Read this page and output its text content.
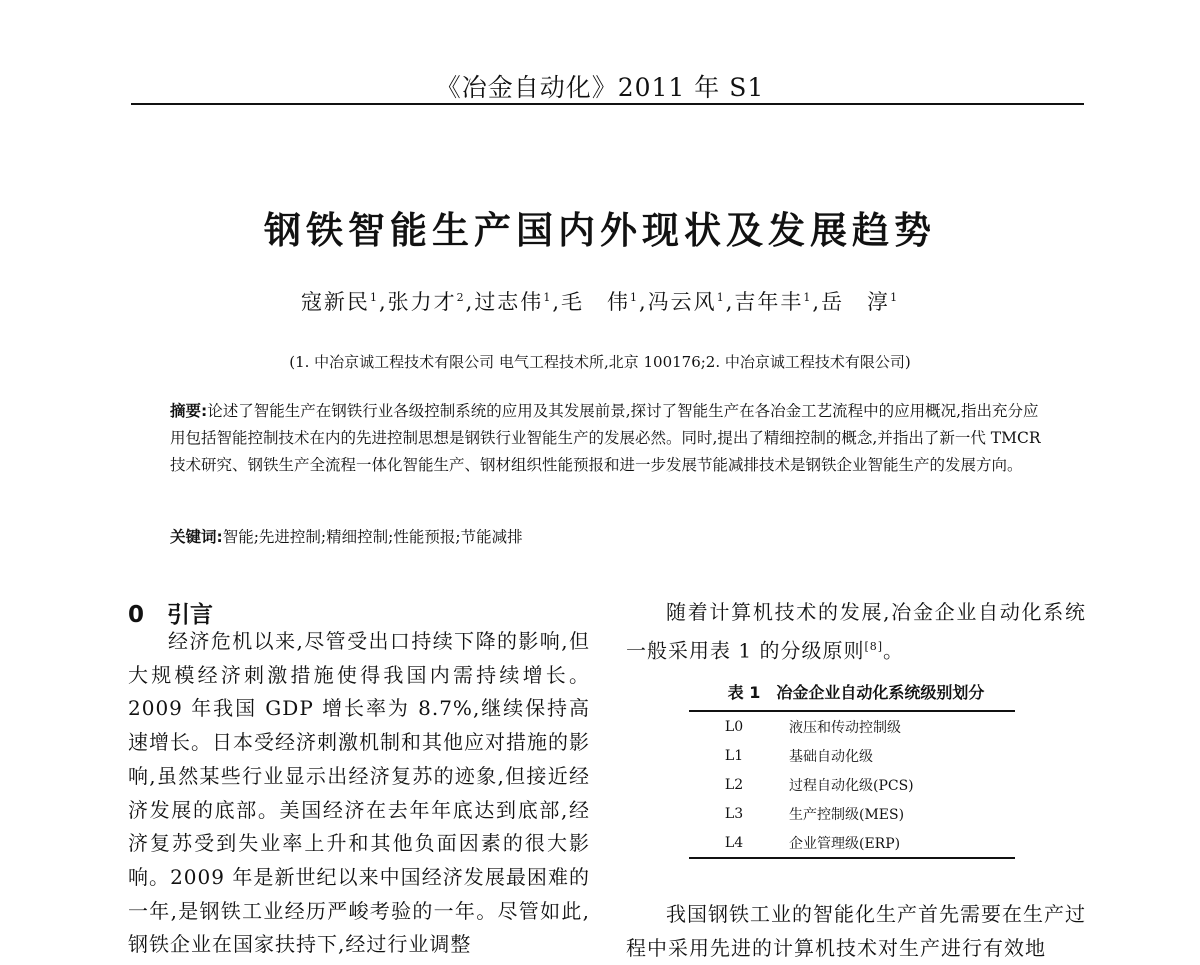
《冶金自动化》2011 年 S1
钢铁智能生产国内外现状及发展趋势
寇新民$^1$,张力才$^2$,过志伟$^1$,毛　伟$^1$,冯云风$^1$,吉年丰$^1$,岳　淳$^1$
(1. 中冶京诚工程技术有限公司 电气工程技术所,北京 100176;2. 中冶京诚工程技术有限公司)
摘要:论述了智能生产在钢铁行业各级控制系统的应用及其发展前景,探讨了智能生产在各冶金工艺流程中的应用概况,指出充分应用包括智能控制技术在内的先进控制思想是钢铁行业智能生产的发展必然。同时,提出了精细控制的概念,并指出了新一代 TMCR 技术研究、钢铁生产全流程一体化智能生产、钢材组织性能预报和进一步发展节能减排技术是钢铁企业智能生产的发展方向。
关键词:智能;先进控制;精细控制;性能预报;节能减排
0　引言

经济危机以来,尽管受出口持续下降的影响,但大规模经济刺激措施使得我国内需持续增长。2009 年我国 GDP 增长率为 8.7%,继续保持高速增长。日本受经济刺激机制和其他应对措施的影响,虽然某些行业显示出经济复苏的迹象,但接近经济发展的底部。美国经济在去年年底达到底部,经济复苏受到失业率上升和其他负面因素的很大影响。2009 年是新世纪以来中国经济发展最困难的一年,是钢铁工业经历严峻考验的一年。尽管如此,钢铁企业在国家扶持下,经过行业调整

随着计算机技术的发展,冶金企业自动化系统一般采用表 1 的分级原则[8]。

表 1　冶金企业自动化系统级别划分
L0	液压和传动控制级
L1	基础自动化级
L2	过程自动化级(PCS)
L3	生产控制级(MES)
L4	企业管理级(ERP)

我国钢铁工业的智能化生产首先需要在生产过程中采用先进的计算机技术对生产进行有效地
